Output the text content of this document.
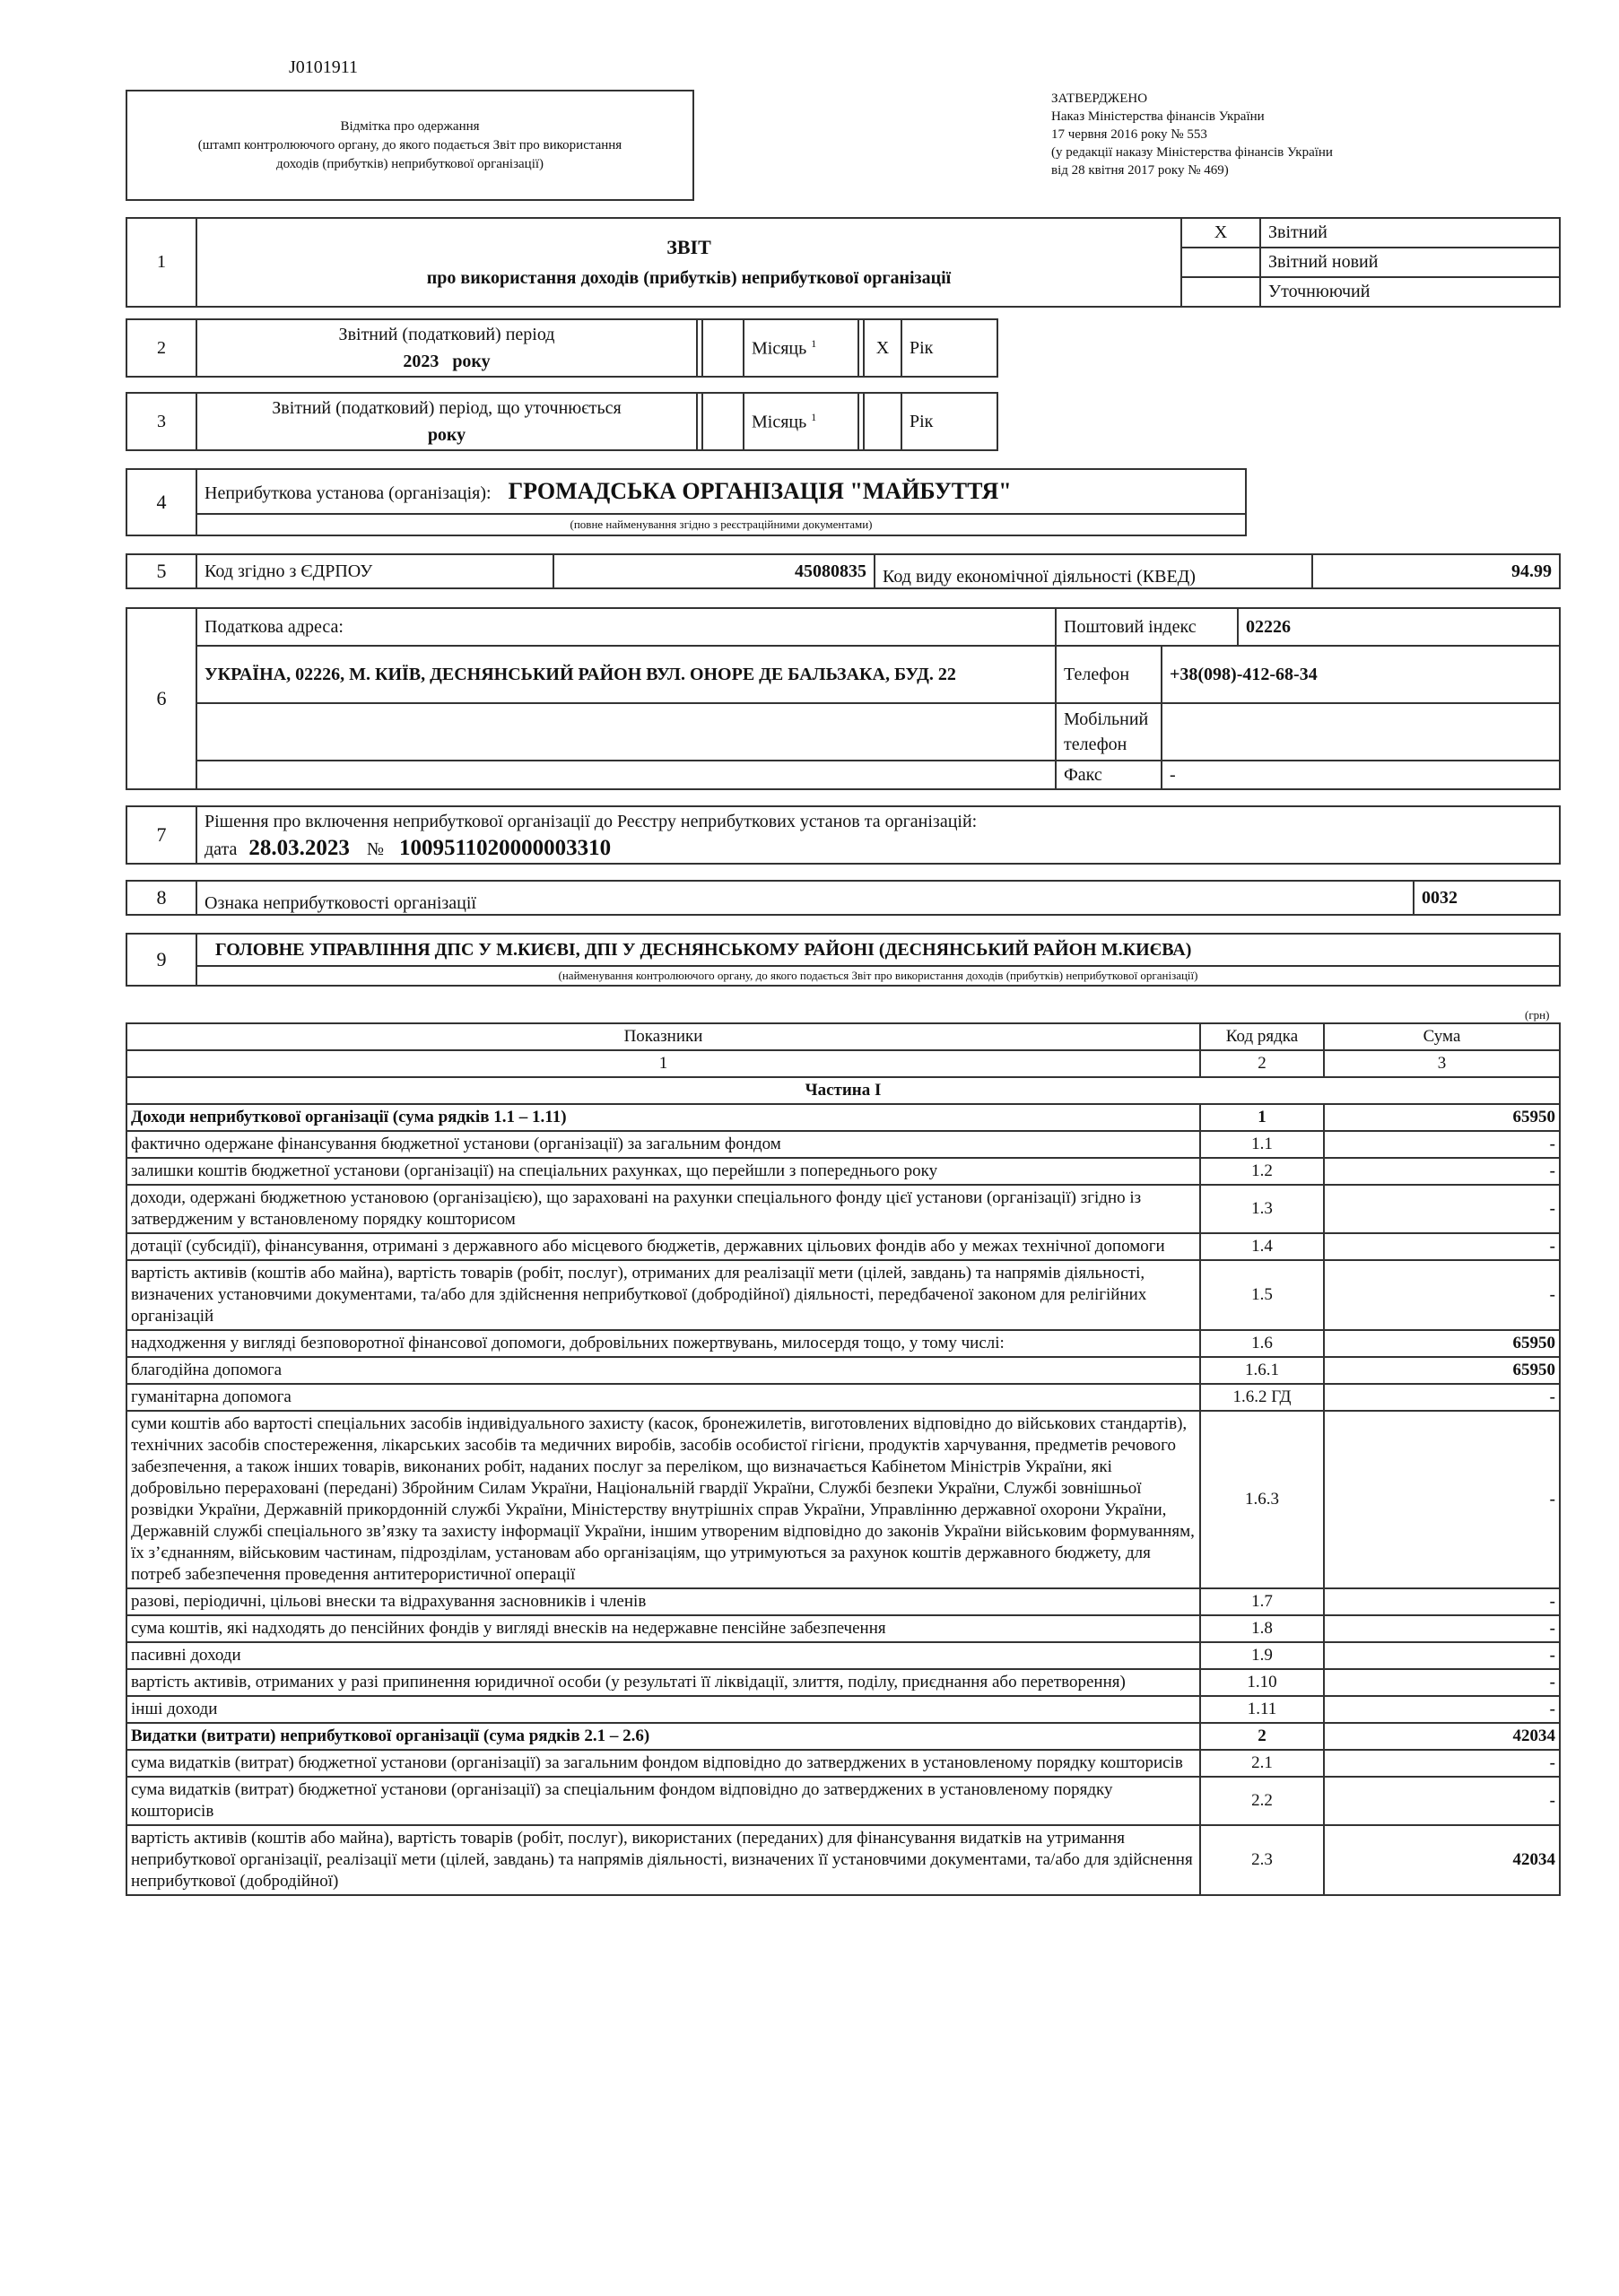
J0101911
Відмітка про одержання
(штамп контролюючого органу, до якого подається Звіт про використання
доходів (прибутків) неприбуткової організації)
ЗАТВЕРДЖЕНО
Наказ Міністерства фінансів України
17 червня 2016 року № 553
(у редакції наказу Міністерства фінансів України
від 28 квітня 2017 року № 469)
1	ЗВІТ
про використання доходів (прибутків) неприбуткової організації	X	Звітний
			Звітний новий
			Уточнюючий
2	
Звітний (податковий) період
2023 року
			Місяць $^1$		X	Рік
3	
Звітний (податковий) період, що уточнюється
року
			Місяць $^1$			Рік
4	Неприбуткова установа (організація): ГРОМАДСЬКА ОРГАНІЗАЦІЯ "МАЙБУТТЯ"
(повне найменування згідно з реєстраційними документами)
5	Код згідно з ЄДРПОУ	45080835	Код виду економічної діяльності (КВЕД)	94.99
6	Податкова адреса:		Поштовий індекс	02226

УКРАЇНА, 02226, М. КИЇВ, ДЕСНЯНСЬКИЙ РАЙОН ВУЛ. ОНОРЕ ДЕ БАЛЬЗАКА, БУД. 22	Телефон	+38(098)-412-68-34
	Мобільний телефон	
	Факс	-
7	
Рішення про включення неприбуткової організації до Реєстру неприбуткових установ та організацій:
дата 28.03.2023 № 1009511020000003310
8	Ознака неприбутковості організації	0032
9	ГОЛОВНЕ УПРАВЛІННЯ ДПС У М.КИЄВІ, ДПІ У ДЕСНЯНСЬКОМУ РАЙОНІ (ДЕСНЯНСЬКИЙ РАЙОН М.КИЄВА)
(найменування контролюючого органу, до якого подається Звіт про використання доходів (прибутків) неприбуткової організації)
(грн)
Показники	Код рядка	Сума
1	2	3
Частина І		
Доходи неприбуткової організації (сума рядків 1.1 – 1.11)	1	65950
фактично одержане фінансування бюджетної установи (організації) за загальним фондом	1.1	-
залишки коштів бюджетної установи (організації) на спеціальних рахунках, що перейшли з попереднього року	1.2	-
доходи, одержані бюджетною установою (організацією), що зараховані на рахунки спеціального фонду цієї установи (організації) згідно із затвердженим у встановленому порядку кошторисом	1.3	-
дотації (субсидії), фінансування, отримані з державного або місцевого бюджетів, державних цільових фондів або у межах технічної допомоги	1.4	-
вартість активів (коштів або майна), вартість товарів (робіт, послуг), отриманих для реалізації мети (цілей, завдань) та напрямів діяльності, визначених установчими документами, та/або для здійснення неприбуткової (добродійної) діяльності, передбаченої законом для релігійних організацій	1.5	-
надходження у вигляді безповоротної фінансової допомоги, добровільних пожертвувань, милосердя тощо, у тому числі:	1.6	65950
благодійна допомога	1.6.1	65950
гуманітарна допомога	1.6.2 ГД	-
суми коштів або вартості спеціальних засобів індивідуального захисту (касок, бронежилетів, виготовлених відповідно до військових стандартів), технічних засобів спостереження, лікарських засобів та медичних виробів, засобів особистої гігієни, продуктів харчування, предметів речового забезпечення, а також інших товарів, виконаних робіт, наданих послуг за переліком, що визначається Кабінетом Міністрів України, які добровільно перераховані (передані) Збройним Силам України, Національній гвардії України, Службі безпеки України, Службі зовнішньої розвідки України, Державній прикордонній службі України, Міністерству внутрішніх справ України, Управлінню державної охорони України, Державній службі спеціального зв’язку та захисту інформації України, іншим утвореним відповідно до законів України військовим формуванням, їх з’єднанням, військовим частинам, підрозділам, установам або організаціям, що утримуються за рахунок коштів державного бюджету, для потреб забезпечення проведення антитерористичної операції	1.6.3	-
разові, періодичні, цільові внески та відрахування засновників і членів	1.7	-
сума коштів, які надходять до пенсійних фондів у вигляді внесків на недержавне пенсійне забезпечення	1.8	-
пасивні доходи	1.9	-
вартість активів, отриманих у разі припинення юридичної особи (у результаті її ліквідації, злиття, поділу, приєднання або перетворення)	1.10	-
інші доходи	1.11	-
Видатки (витрати) неприбуткової організації (сума рядків 2.1 – 2.6)	2	42034
сума видатків (витрат) бюджетної установи (організації) за загальним фондом відповідно до затверджених в установленому порядку кошторисів	2.1	-
сума видатків (витрат) бюджетної установи (організації) за спеціальним фондом відповідно до затверджених в установленому порядку кошторисів	2.2	-
вартість активів (коштів або майна), вартість товарів (робіт, послуг), використаних (переданих) для фінансування видатків на утримання неприбуткової організації, реалізації мети (цілей, завдань) та напрямів діяльності, визначених її установчими документами, та/або для здійснення неприбуткової (добродійної)	2.3	42034
